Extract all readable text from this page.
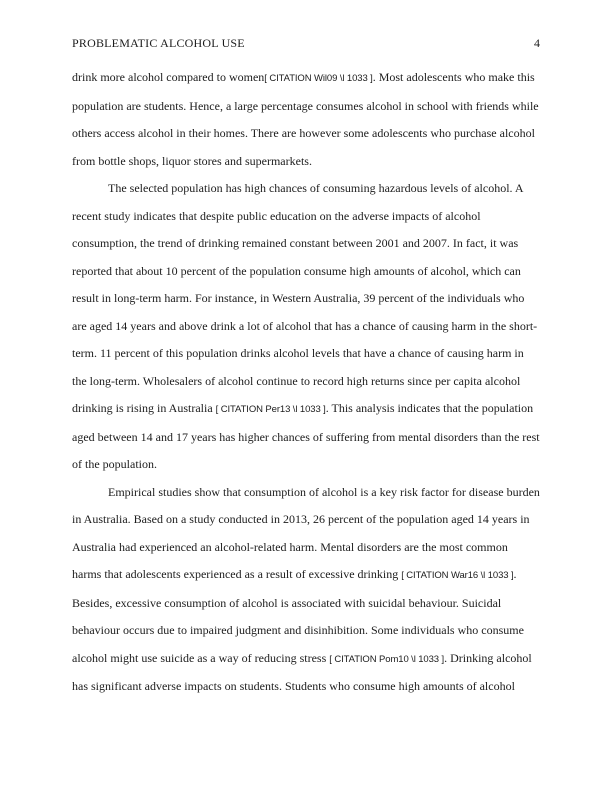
PROBLEMATIC ALCOHOL USE	4

drink more alcohol compared to women[ CITATION Wil09 \l 1033 ]. Most adolescents who make this population are students. Hence, a large percentage consumes alcohol in school with friends while others access alcohol in their homes. There are however some adolescents who purchase alcohol from bottle shops, liquor stores and supermarkets.

The selected population has high chances of consuming hazardous levels of alcohol. A recent study indicates that despite public education on the adverse impacts of alcohol consumption, the trend of drinking remained constant between 2001 and 2007. In fact, it was reported that about 10 percent of the population consume high amounts of alcohol, which can result in long-term harm. For instance, in Western Australia, 39 percent of the individuals who are aged 14 years and above drink a lot of alcohol that has a chance of causing harm in the short-term. 11 percent of this population drinks alcohol levels that have a chance of causing harm in the long-term. Wholesalers of alcohol continue to record high returns since per capita alcohol drinking is rising in Australia [ CITATION Per13 \l 1033 ]. This analysis indicates that the population aged between 14 and 17 years has higher chances of suffering from mental disorders than the rest of the population.

Empirical studies show that consumption of alcohol is a key risk factor for disease burden in Australia. Based on a study conducted in 2013, 26 percent of the population aged 14 years in Australia had experienced an alcohol-related harm. Mental disorders are the most common harms that adolescents experienced as a result of excessive drinking [ CITATION War16 \l 1033 ]. Besides, excessive consumption of alcohol is associated with suicidal behaviour. Suicidal behaviour occurs due to impaired judgment and disinhibition. Some individuals who consume alcohol might use suicide as a way of reducing stress [ CITATION Pom10 \l 1033 ]. Drinking alcohol has significant adverse impacts on students. Students who consume high amounts of alcohol
